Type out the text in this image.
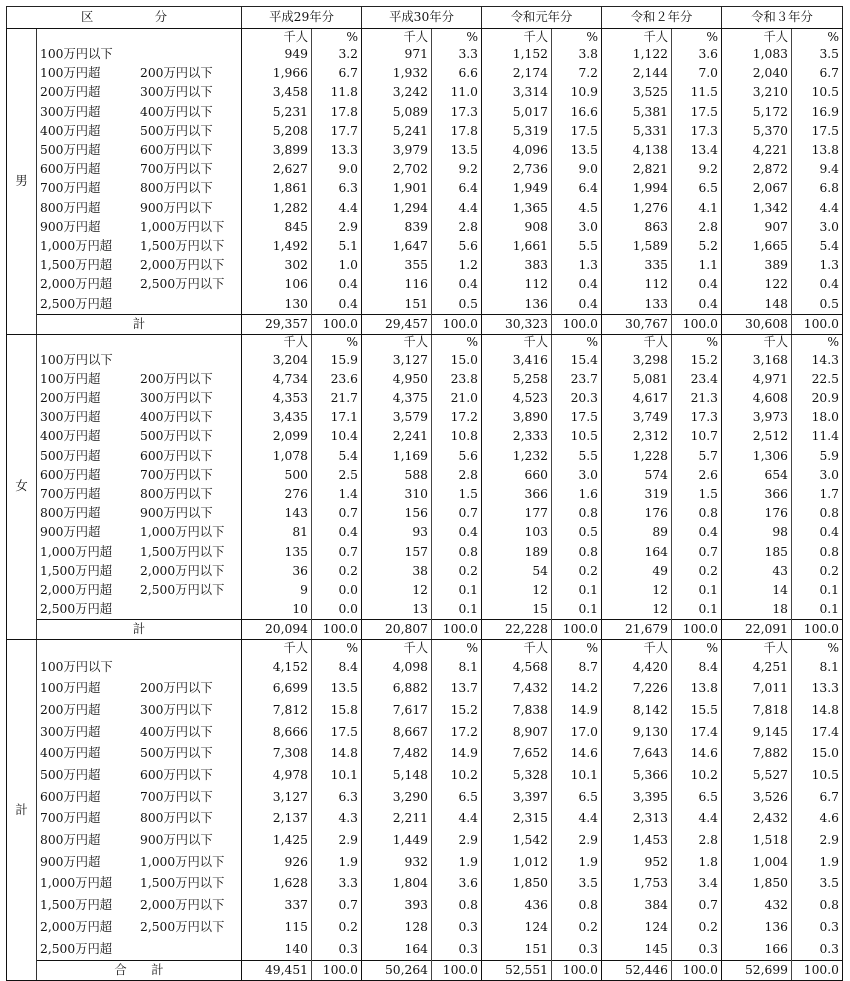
区　　　　　分		平成29年分		平成30年分		令和元年分		令和２年分		令和３年分	
男		千人	%	千人	%	千人	%	千人	%	千人	%
	100万円以下	949	3.2	971	3.3	1,152	3.8	1,122	3.6	1,083	3.5
	100万円超 200万円以下	1,966	6.7	1,932	6.6	2,174	7.2	2,144	7.0	2,040	6.7
	200万円超 300万円以下	3,458	11.8	3,242	11.0	3,314	10.9	3,525	11.5	3,210	10.5
	300万円超 400万円以下	5,231	17.8	5,089	17.3	5,017	16.6	5,381	17.5	5,172	16.9
	400万円超 500万円以下	5,208	17.7	5,241	17.8	5,319	17.5	5,331	17.3	5,370	17.5
	500万円超 600万円以下	3,899	13.3	3,979	13.5	4,096	13.5	4,138	13.4	4,221	13.8
	600万円超 700万円以下	2,627	9.0	2,702	9.2	2,736	9.0	2,821	9.2	2,872	9.4
	700万円超 800万円以下	1,861	6.3	1,901	6.4	1,949	6.4	1,994	6.5	2,067	6.8
	800万円超 900万円以下	1,282	4.4	1,294	4.4	1,365	4.5	1,276	4.1	1,342	4.4
	900万円超 1,000万円以下	845	2.9	839	2.8	908	3.0	863	2.8	907	3.0
	1,000万円超 1,500万円以下	1,492	5.1	1,647	5.6	1,661	5.5	1,589	5.2	1,665	5.4
	1,500万円超 2,000万円以下	302	1.0	355	1.2	383	1.3	335	1.1	389	1.3
	2,000万円超 2,500万円以下	106	0.4	116	0.4	112	0.4	112	0.4	122	0.4
	2,500万円超	130	0.4	151	0.5	136	0.4	133	0.4	148	0.5
	計	29,357	100.0	29,457	100.0	30,323	100.0	30,767	100.0	30,608	100.0
女		千人	%	千人	%	千人	%	千人	%	千人	%
	100万円以下	3,204	15.9	3,127	15.0	3,416	15.4	3,298	15.2	3,168	14.3
	100万円超 200万円以下	4,734	23.6	4,950	23.8	5,258	23.7	5,081	23.4	4,971	22.5
	200万円超 300万円以下	4,353	21.7	4,375	21.0	4,523	20.3	4,617	21.3	4,608	20.9
	300万円超 400万円以下	3,435	17.1	3,579	17.2	3,890	17.5	3,749	17.3	3,973	18.0
	400万円超 500万円以下	2,099	10.4	2,241	10.8	2,333	10.5	2,312	10.7	2,512	11.4
	500万円超 600万円以下	1,078	5.4	1,169	5.6	1,232	5.5	1,228	5.7	1,306	5.9
	600万円超 700万円以下	500	2.5	588	2.8	660	3.0	574	2.6	654	3.0
	700万円超 800万円以下	276	1.4	310	1.5	366	1.6	319	1.5	366	1.7
	800万円超 900万円以下	143	0.7	156	0.7	177	0.8	176	0.8	176	0.8
	900万円超 1,000万円以下	81	0.4	93	0.4	103	0.5	89	0.4	98	0.4
	1,000万円超 1,500万円以下	135	0.7	157	0.8	189	0.8	164	0.7	185	0.8
	1,500万円超 2,000万円以下	36	0.2	38	0.2	54	0.2	49	0.2	43	0.2
	2,000万円超 2,500万円以下	9	0.0	12	0.1	12	0.1	12	0.1	14	0.1
	2,500万円超	10	0.0	13	0.1	15	0.1	12	0.1	18	0.1
	計	20,094	100.0	20,807	100.0	22,228	100.0	21,679	100.0	22,091	100.0
計		千人	%	千人	%	千人	%	千人	%	千人	%
	100万円以下	4,152	8.4	4,098	8.1	4,568	8.7	4,420	8.4	4,251	8.1
	100万円超 200万円以下	6,699	13.5	6,882	13.7	7,432	14.2	7,226	13.8	7,011	13.3
	200万円超 300万円以下	7,812	15.8	7,617	15.2	7,838	14.9	8,142	15.5	7,818	14.8
	300万円超 400万円以下	8,666	17.5	8,667	17.2	8,907	17.0	9,130	17.4	9,145	17.4
	400万円超 500万円以下	7,308	14.8	7,482	14.9	7,652	14.6	7,643	14.6	7,882	15.0
	500万円超 600万円以下	4,978	10.1	5,148	10.2	5,328	10.1	5,366	10.2	5,527	10.5
	600万円超 700万円以下	3,127	6.3	3,290	6.5	3,397	6.5	3,395	6.5	3,526	6.7
	700万円超 800万円以下	2,137	4.3	2,211	4.4	2,315	4.4	2,313	4.4	2,432	4.6
	800万円超 900万円以下	1,425	2.9	1,449	2.9	1,542	2.9	1,453	2.8	1,518	2.9
	900万円超 1,000万円以下	926	1.9	932	1.9	1,012	1.9	952	1.8	1,004	1.9
	1,000万円超 1,500万円以下	1,628	3.3	1,804	3.6	1,850	3.5	1,753	3.4	1,850	3.5
	1,500万円超 2,000万円以下	337	0.7	393	0.8	436	0.8	384	0.7	432	0.8
	2,000万円超 2,500万円以下	115	0.2	128	0.3	124	0.2	124	0.2	136	0.3
	2,500万円超	140	0.3	164	0.3	151	0.3	145	0.3	166	0.3
	合　　計	49,451	100.0	50,264	100.0	52,551	100.0	52,446	100.0	52,699	100.0
